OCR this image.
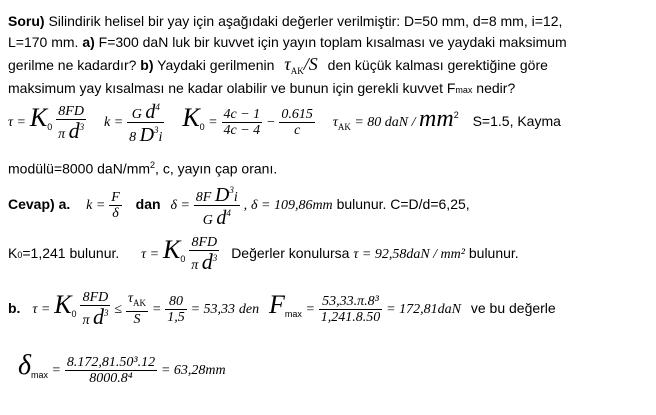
Soru) Silindirik helisel bir yay için aşağıdaki değerler verilmiştir: D=50 mm, d=8 mm, i=12,
L=170 mm. a) F=300 daN luk bir kuvvet için yayın toplam kısalması ve yaydaki maksimum
gerilme ne kadardır? b) Yaydaki gerilmenin $\tau_{AK}/S$ den küçük kalması gerektiğine göre
maksimum yay kısalması ne kadar olabilir ve bunun için gerekli kuvvet Fmax nedir?
$\tau = K_0 \frac{8FD}{\pi d^3}$ $k = \frac{G d^4}{8 D^3i} K_0 = \frac{4c - 1}{4c - 4} - \frac{0.615}{c} \tau_{AK} = 80$ daN / $mm^2$ S=1.5, Kayma
modülü=8000 daN/$mm^2$, c, yayın çap oranı.
Cevap) a. $k = \frac{F}{\delta}$ dan $\delta = \frac{8F D^3i}{G d^4}$ , δ = 109,86mm bulunur. C=D/d=6,25,
K0=1,241 bulunur. $\tau = K_0 \frac{8FD}{\pi d^3}$ Değerler konulursa τ = 92,58daN / mm² bulunur.
b. $\tau = K_0 \frac{8FD}{\pi d^3} \le \frac{\tau_{AK}}{S} = \frac{80}{1,5} = 53,33$ den $F_{max} = \frac{\text{53,33.π.8³}}{1,241.8.50} = 172,81daN$ ve bu değerle
$\delta_{max} = \frac{\text{8.172,81.50³.12}}{\text{8000.8⁴}} = 63,28mm$
